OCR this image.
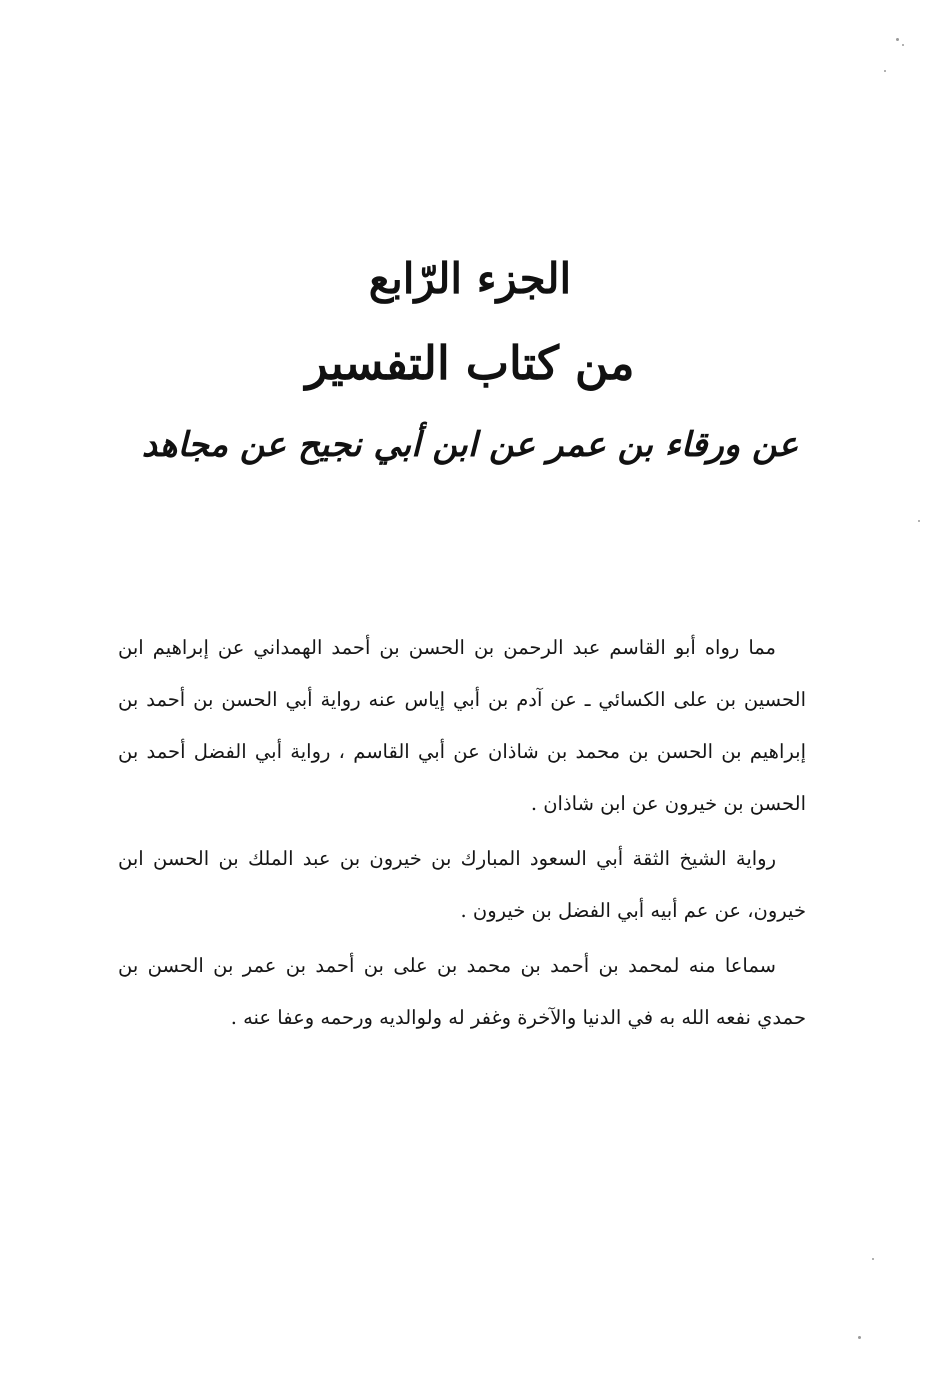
الجزء الرّابع
من كتاب التفسير
عن ورقاء بن عمر عن ابن أبي نجيح عن مجاهد

مما رواه أبو القاسم عبد الرحمن بن الحسن بن أحمد الهمداني عن إبراهيم ابن الحسين بن على الكسائي ـ عن آدم بن أبي إياس عنه رواية أبي الحسن بن أحمد بن إبراهيم بن الحسن بن محمد بن شاذان عن أبي القاسم ، رواية أبي الفضل أحمد بن الحسن بن خيرون عن ابن شاذان .

رواية الشيخ الثقة أبي السعود المبارك بن خيرون بن عبد الملك بن الحسن ابن خيرون، عن عم أبيه أبي الفضل بن خيرون .

سماعا منه لمحمد بن أحمد بن محمد بن على بن أحمد بن عمر بن الحسن بن حمدي نفعه الله به في الدنيا والآخرة وغفر له ولوالديه ورحمه وعفا عنه .
